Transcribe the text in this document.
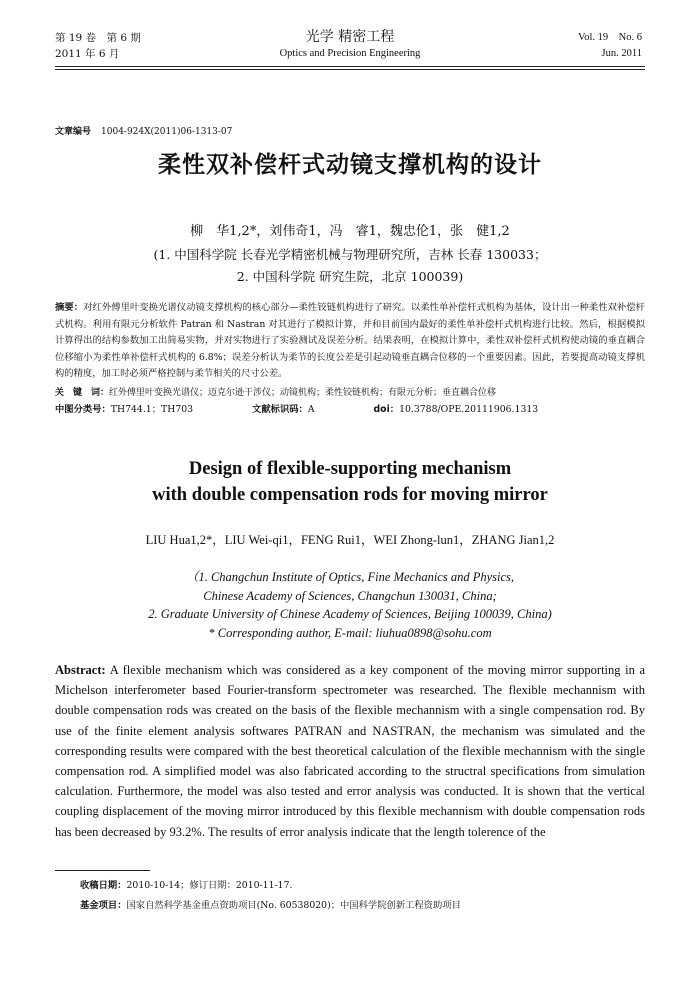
第 19 卷　第 6 期
2011 年 6 月
光学 精密工程
Optics and Precision Engineering
Vol. 19　No. 6
Jun. 2011
文章编号 1004-924X(2011)06-1313-07
柔性双补偿杆式动镜支撑机构的设计
柳　华1,2*，刘伟奇1，冯　睿1，魏忠伦1，张　健1,2
(1. 中国科学院 长春光学精密机械与物理研究所，吉林 长春 130033；
2. 中国科学院 研究生院，北京 100039)
摘要：对红外傅里叶变换光谱仪动镜支撑机构的核心部分—柔性铰链机构进行了研究。以柔性单补偿杆式机构为基体，设计出一种柔性双补偿杆式机构。利用有限元分析软件 Patran 和 Nastran 对其进行了模拟计算，并和目前国内最好的柔性单补偿杆式机构进行比较。然后，根据模拟计算得出的结构参数加工出简易实物，并对实物进行了实验测试及误差分析。结果表明，在模拟计算中，柔性双补偿杆式机构使动镜的垂直耦合位移缩小为柔性单补偿杆式机构的 6.8%；误差分析认为柔节的长度公差是引起动镜垂直耦合位移的一个重要因素。因此，若要提高动镜支撑机构的精度，加工时必须严格控制与柔节相关的尺寸公差。
关　键　词：红外傅里叶变换光谱仪；迈克尔逊干涉仪；动镜机构；柔性铰链机构；有限元分析；垂直耦合位移
中图分类号：TH744.1；TH703	文献标识码：A	doi：10.3788/OPE.20111906.1313
Design of flexible-supporting mechanism
with double compensation rods for moving mirror
LIU Hua1,2*，LIU Wei-qi1，FENG Rui1，WEI Zhong-lun1，ZHANG Jian1,2
（1. Changchun Institute of Optics, Fine Mechanics and Physics,
Chinese Academy of Sciences, Changchun 130031, China;
2. Graduate University of Chinese Academy of Sciences, Beijing 100039, China)
* Corresponding author, E-mail: liuhua0898@sohu.com
Abstract: A flexible mechanism which was considered as a key component of the moving mirror supporting in a Michelson interferometer based Fourier-transform spectrometer was researched. The flexible mechannism with double compensation rods was created on the basis of the flexible mechannism with a single compensation rod. By use of the finite element analysis softwares PATRAN and NASTRAN, the mechanism was simulated and the corresponding results were compared with the best theoretical calculation of the flexible mechannism with the single compensation rod. A simplified model was also fabricated according to the structral specifications from simulation calculation. Furthermore, the model was also tested and error analysis was conducted. It is shown that the vertical coupling displacement of the moving mirror introduced by this flexible mechannism with double compensation rods has been decreased by 93.2%. The results of error analysis indicate that the length tolerence of the
收稿日期：2010-10-14；修订日期：2010-11-17.
基金项目：国家自然科学基金重点资助项目(No. 60538020)；中国科学院创新工程资助项目
